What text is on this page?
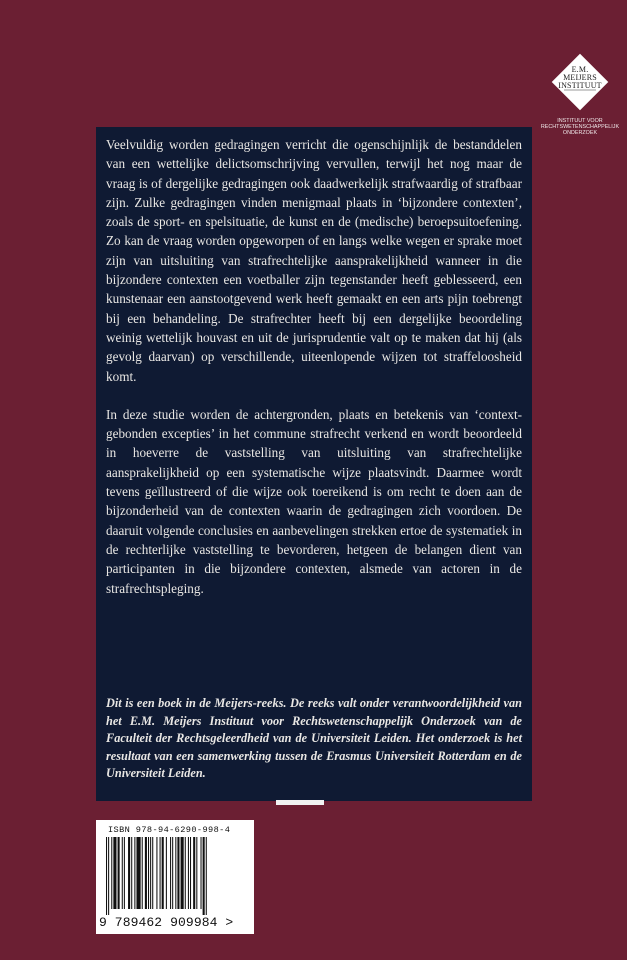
E.M.
MEIJERS
INSTITUUT
INSTITUUT VOOR
RECHTSWETENSCHAPPELIJK
ONDERZOEK

Veelvuldig worden gedragingen verricht die ogenschijnlijk de bestanddelen van een wettelijke delictsomschrijving vervullen, terwijl het nog maar de vraag is of dergelijke gedragingen ook daadwerkelijk strafwaardig of strafbaar zijn. Zulke gedragingen vinden menigmaal plaats in ‘bijzondere contexten’, zoals de sport- en spelsituatie, de kunst en de (medische) beroepsuitoefening. Zo kan de vraag worden opgeworpen of en langs welke wegen er sprake moet zijn van uitsluiting van strafrechtelijke aansprakelijkheid wanneer in die bijzondere contexten een voetballer zijn tegenstander heeft geblesseerd, een kunstenaar een aanstootgevend werk heeft gemaakt en een arts pijn toebrengt bij een behandeling. De strafrechter heeft bij een dergelijke beoordeling weinig wettelijk houvast en uit de jurisprudentie valt op te maken dat hij (als gevolg daarvan) op verschillende, uiteenlopende wijzen tot straffeloosheid komt.

In deze studie worden de achtergronden, plaats en betekenis van ‘context-gebonden excepties’ in het commune strafrecht verkend en wordt beoordeeld in hoeverre de vaststelling van uitsluiting van strafrechtelijke aansprakelijkheid op een systematische wijze plaatsvindt. Daarmee wordt tevens geïllustreerd of die wijze ook toereikend is om recht te doen aan de bijzonderheid van de contexten waarin de gedragingen zich voordoen. De daaruit volgende conclusies en aanbevelingen strekken ertoe de systematiek in de rechterlijke vaststelling te bevorderen, hetgeen de belangen dient van participanten in die bijzondere contexten, alsmede van actoren in de strafrechtspleging.

Dit is een boek in de Meijers-reeks. De reeks valt onder verantwoordelijkheid van het E.M. Meijers Instituut voor Rechtswetenschappelijk Onderzoek van de Faculteit der Rechtsgeleerdheid van de Universiteit Leiden. Het onderzoek is het resultaat van een samenwerking tussen de Erasmus Universiteit Rotterdam en de Universiteit Leiden.

ISBN 978-94-6290-998-4
9 789462 909984 >
